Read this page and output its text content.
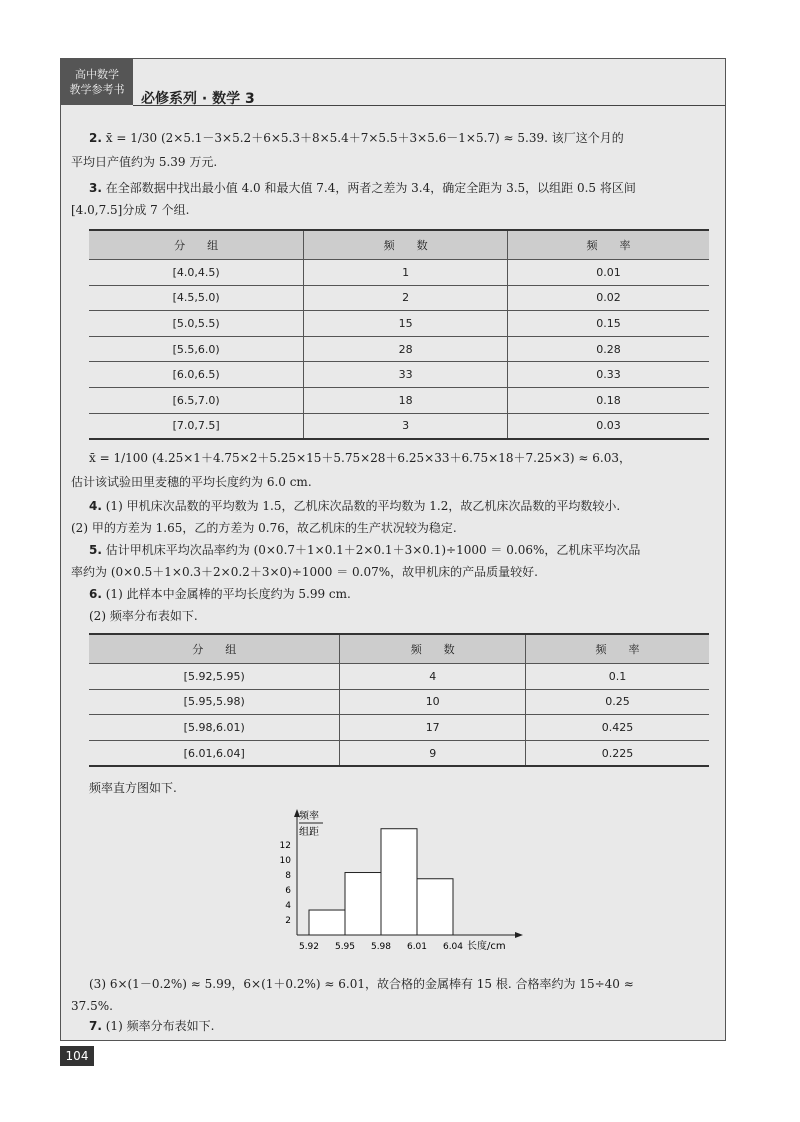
高中数学
教学参考书
必修系列 · 数学 3
2. x̄ = 1/30 (2×5.1－3×5.2＋6×5.3＋8×5.4＋7×5.5＋3×5.6－1×5.7) ≈ 5.39. 该厂这个月的
平均日产值约为 5.39 万元.
3. 在全部数据中找出最小值 4.0 和最大值 7.4，两者之差为 3.4，确定全距为 3.5，以组距 0.5 将区间
[4.0,7.5]分成 7 个组.
分　　组	频　　数	频　　率
[4.0,4.5)	1	0.01
[4.5,5.0)	2	0.02
[5.0,5.5)	15	0.15
[5.5,6.0)	28	0.28
[6.0,6.5)	33	0.33
[6.5,7.0)	18	0.18
[7.0,7.5]	3	0.03
x̄ = 1/100 (4.25×1＋4.75×2＋5.25×15＋5.75×28＋6.25×33＋6.75×18＋7.25×3) ≈ 6.03，
估计该试验田里麦穗的平均长度约为 6.0 cm.
4. (1) 甲机床次品数的平均数为 1.5，乙机床次品数的平均数为 1.2，故乙机床次品数的平均数较小.
(2) 甲的方差为 1.65，乙的方差为 0.76，故乙机床的生产状况较为稳定.
5. 估计甲机床平均次品率约为 (0×0.7＋1×0.1＋2×0.1＋3×0.1)÷1000 ＝ 0.06%，乙机床平均次品
率约为 (0×0.5＋1×0.3＋2×0.2＋3×0)÷1000 ＝ 0.07%，故甲机床的产品质量较好.
6. (1) 此样本中金属棒的平均长度约为 5.99 cm.
(2) 频率分布表如下.
分　　组	频　　数	频　　率
[5.92,5.95)	4	0.1
[5.95,5.98)	10	0.25
[5.98,6.01)	17	0.425
[6.01,6.04]	9	0.225
频率直方图如下.
频率
组距
2
4
6
8
10
12
5.92 5.95 5.98 6.01 6.04 长度/cm
(3) 6×(1－0.2%) ≈ 5.99，6×(1＋0.2%) ≈ 6.01，故合格的金属棒有 15 根. 合格率约为 15÷40 ≈
37.5%.
7. (1) 频率分布表如下.
104
